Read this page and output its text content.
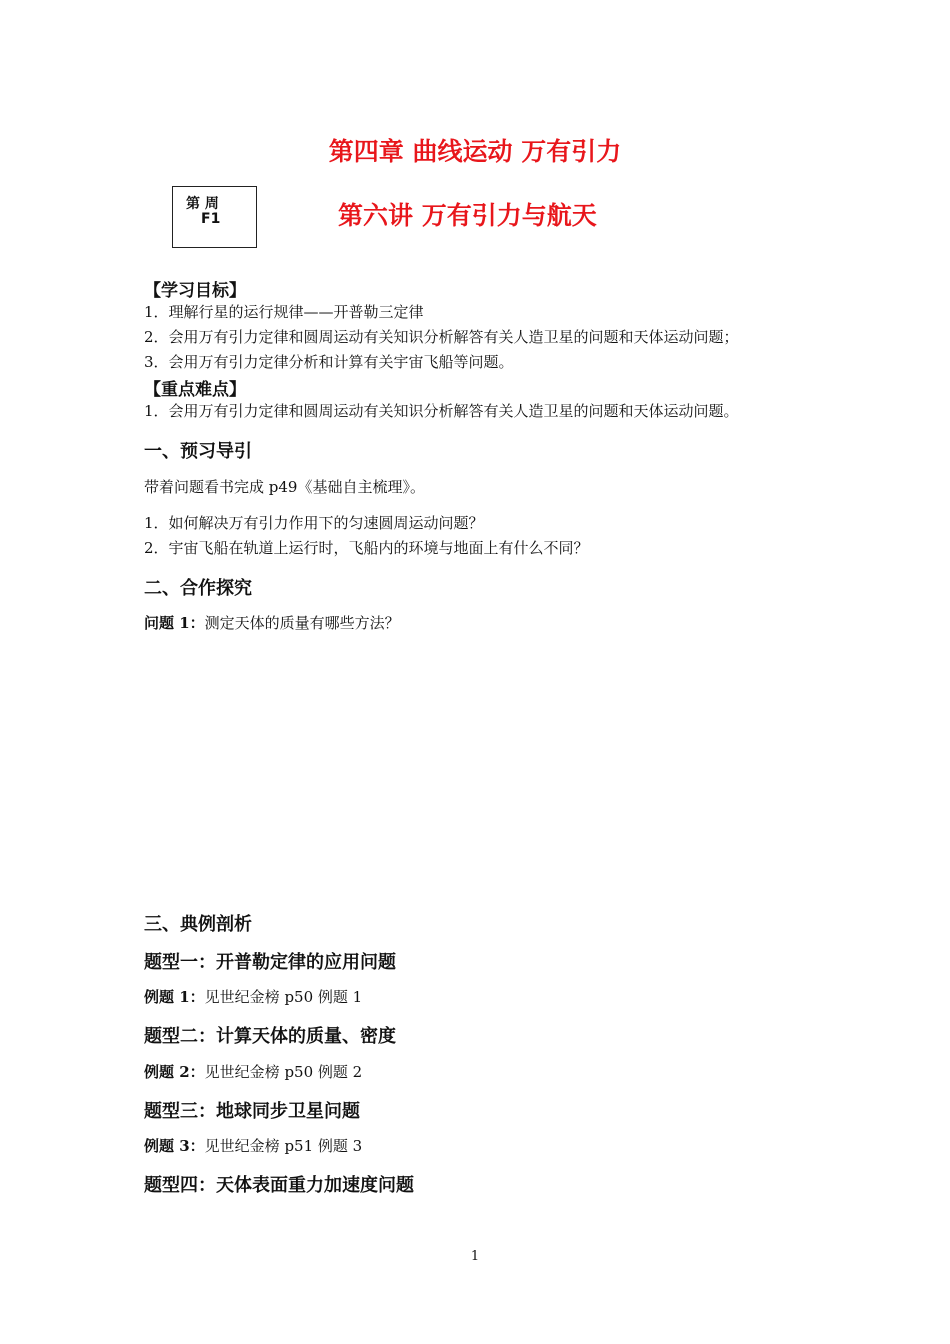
第四章 曲线运动 万有引力
第 周
F1	第六讲 万有引力与航天
【学习目标】
1．理解行星的运行规律——开普勒三定律
2．会用万有引力定律和圆周运动有关知识分析解答有关人造卫星的问题和天体运动问题；
3．会用万有引力定律分析和计算有关宇宙飞船等问题。
【重点难点】
1．会用万有引力定律和圆周运动有关知识分析解答有关人造卫星的问题和天体运动问题。
一、预习导引
带着问题看书完成 p49《基础自主梳理》。
1．如何解决万有引力作用下的匀速圆周运动问题？
2．宇宙飞船在轨道上运行时，飞船内的环境与地面上有什么不同？
二、合作探究
问题 1：测定天体的质量有哪些方法？
三、典例剖析
题型一：开普勒定律的应用问题
例题 1：见世纪金榜 p50 例题 1
题型二：计算天体的质量、密度
例题 2：见世纪金榜 p50 例题 2
题型三：地球同步卫星问题
例题 3：见世纪金榜 p51 例题 3
题型四：天体表面重力加速度问题
1
